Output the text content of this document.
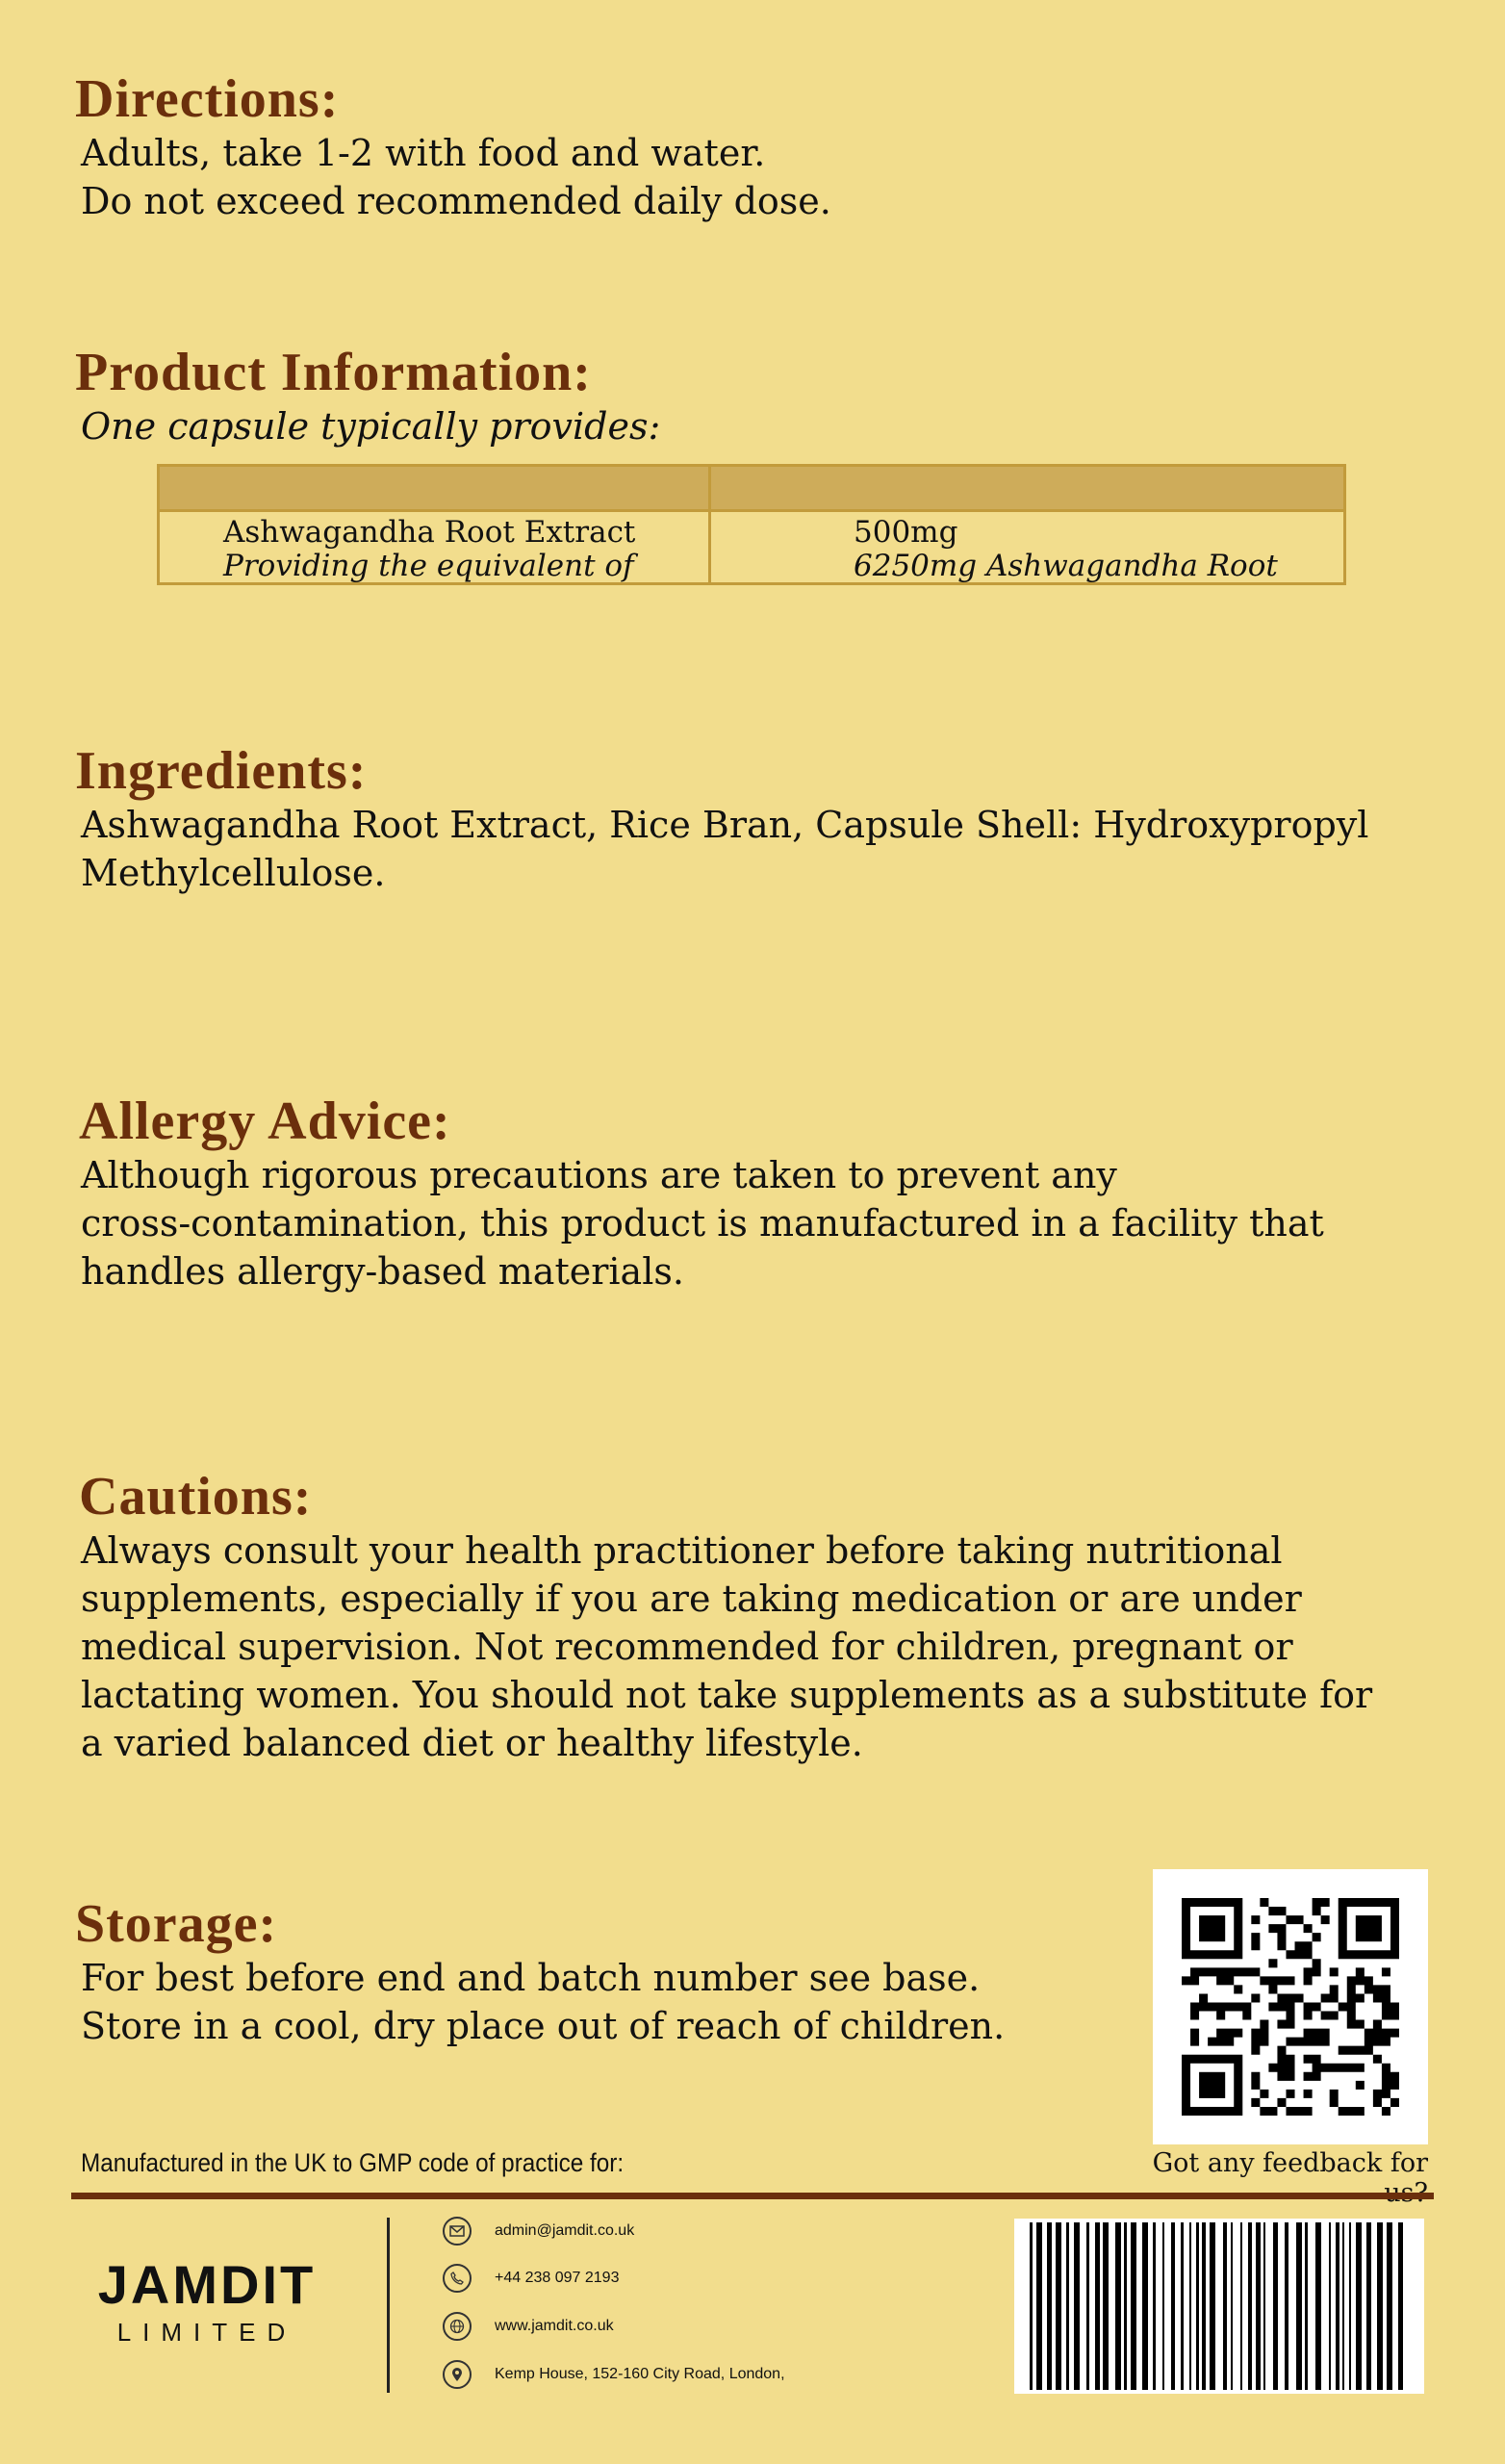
Directions:

Adults, take 1-2 with food and water.
Do not exceed recommended daily dose.

Product Information:

One capsule typically provides:

Ashwagandha Root Extract
Providing the equivalent of
500mg
6250mg Ashwagandha Root
Ingredients:

Ashwagandha Root Extract, Rice Bran, Capsule Shell: Hydroxypropyl
Methylcellulose.

Allergy Advice:

Although rigorous precautions are taken to prevent any
cross-contamination, this product is manufactured in a facility that
handles allergy-based materials.

Cautions:

Always consult your health practitioner before taking nutritional
supplements, especially if you are taking medication or are under
medical supervision. Not recommended for children, pregnant or
lactating women. You should not take supplements as a substitute for
a varied balanced diet or healthy lifestyle.

Storage:

For best before end and batch number see base.
Store in a cool, dry place out of reach of children.

Got any feedback for
Manufactured in the UK to GMP code of practice for:
JAMDIT
LIMITED
admin@jamdit.co.uk
+44 238 097 2193
www.jamdit.co.uk
Kemp House, 152-160 City Road, London,
